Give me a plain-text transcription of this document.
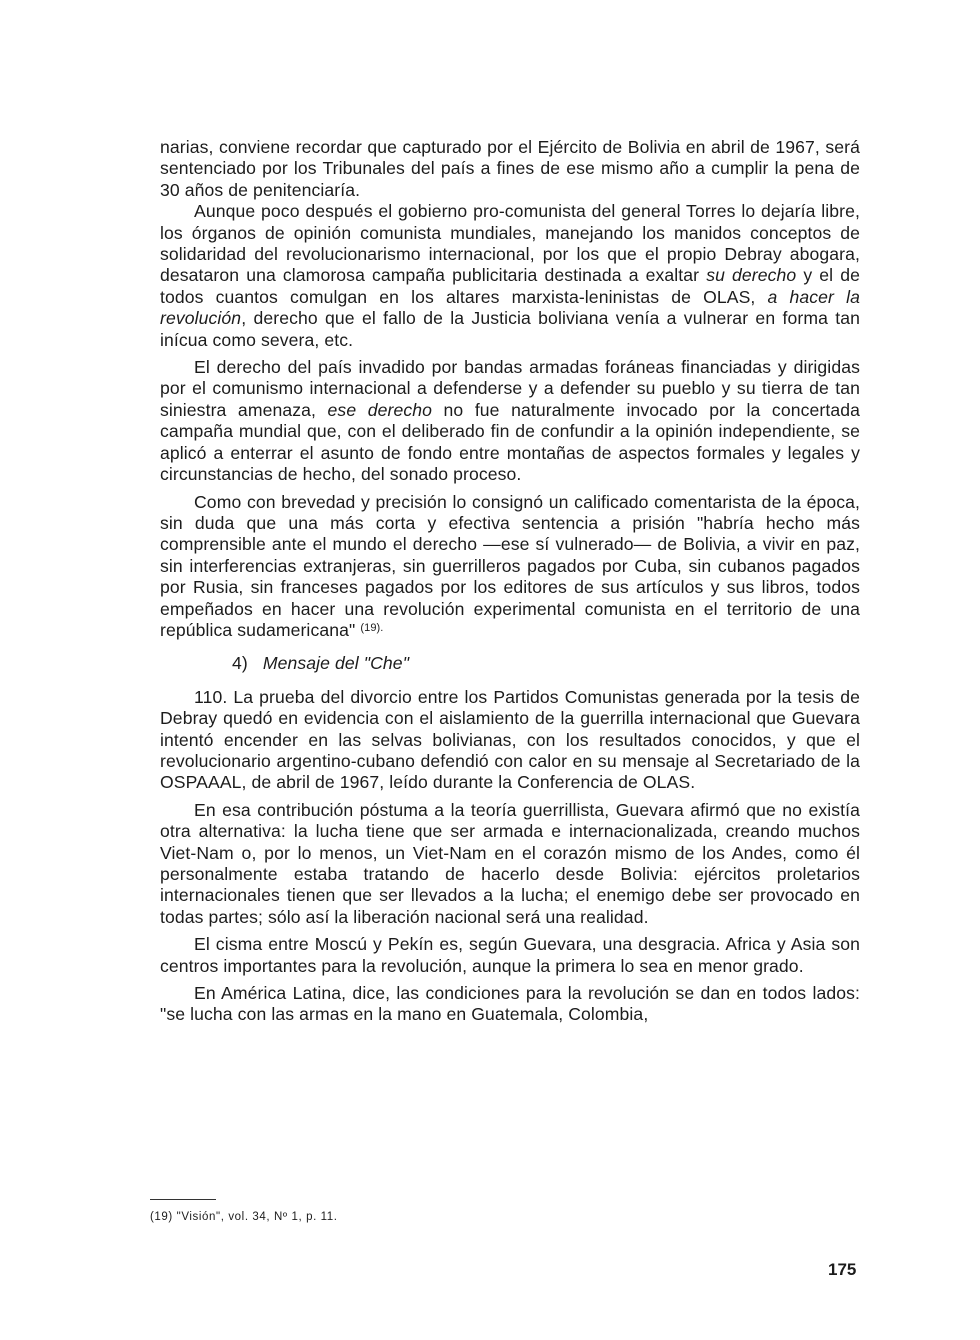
narias, conviene recordar que capturado por el Ejército de Bolivia en abril de 1967, será sentenciado por los Tribunales del país a fines de ese mismo año a cumplir la pena de 30 años de penitenciaría.

Aunque poco después el gobierno pro-comunista del general Torres lo dejaría libre, los órganos de opinión comunista mundiales, manejando los manidos conceptos de solidaridad del revolucionarismo internacional, por los que el propio Debray abogara, desataron una clamorosa campaña publicitaria destinada a exaltar su derecho y el de todos cuantos comulgan en los altares marxista-leninistas de OLAS, a hacer la revolución, derecho que el fallo de la Justicia boliviana venía a vulnerar en forma tan inícua como severa, etc.

El derecho del país invadido por bandas armadas foráneas financiadas y dirigidas por el comunismo internacional a defenderse y a defender su pueblo y su tierra de tan siniestra amenaza, ese derecho no fue naturalmente invocado por la concertada campaña mundial que, con el deliberado fin de confundir a la opinión independiente, se aplicó a enterrar el asunto de fondo entre montañas de aspectos formales y legales y circunstancias de hecho, del sonado proceso.

Como con brevedad y precisión lo consignó un calificado comentarista de la época, sin duda que una más corta y efectiva sentencia a prisión "habría hecho más comprensible ante el mundo el derecho —ese sí vulnerado— de Bolivia, a vivir en paz, sin interferencias extranjeras, sin guerrilleros pagados por Cuba, sin cubanos pagados por Rusia, sin franceses pagados por los editores de sus artículos y sus libros, todos empeñados en hacer una revolución experimental comunista en el territorio de una república sudamericana" $^{(19).}$

4) Mensaje del "Che"

110. La prueba del divorcio entre los Partidos Comunistas generada por la tesis de Debray quedó en evidencia con el aislamiento de la guerrilla internacional que Guevara intentó encender en las selvas bolivianas, con los resultados conocidos, y que el revolucionario argentino-cubano defendió con calor en su mensaje al Secretariado de la OSPAAAL, de abril de 1967, leído durante la Conferencia de OLAS.

En esa contribución póstuma a la teoría guerrillista, Guevara afirmó que no existía otra alternativa: la lucha tiene que ser armada e internacionalizada, creando muchos Viet-Nam o, por lo menos, un Viet-Nam en el corazón mismo de los Andes, como él personalmente estaba tratando de hacerlo desde Bolivia: ejércitos proletarios internacionales tienen que ser llevados a la lucha; el enemigo debe ser provocado en todas partes; sólo así la liberación nacional será una realidad.

El cisma entre Moscú y Pekín es, según Guevara, una desgracia. Africa y Asia son centros importantes para la revolución, aunque la primera lo sea en menor grado.

En América Latina, dice, las condiciones para la revolución se dan en todos lados: "se lucha con las armas en la mano en Guatemala, Colombia,

(19) "Visión", vol. 34, Nº 1, p. 11.
175
